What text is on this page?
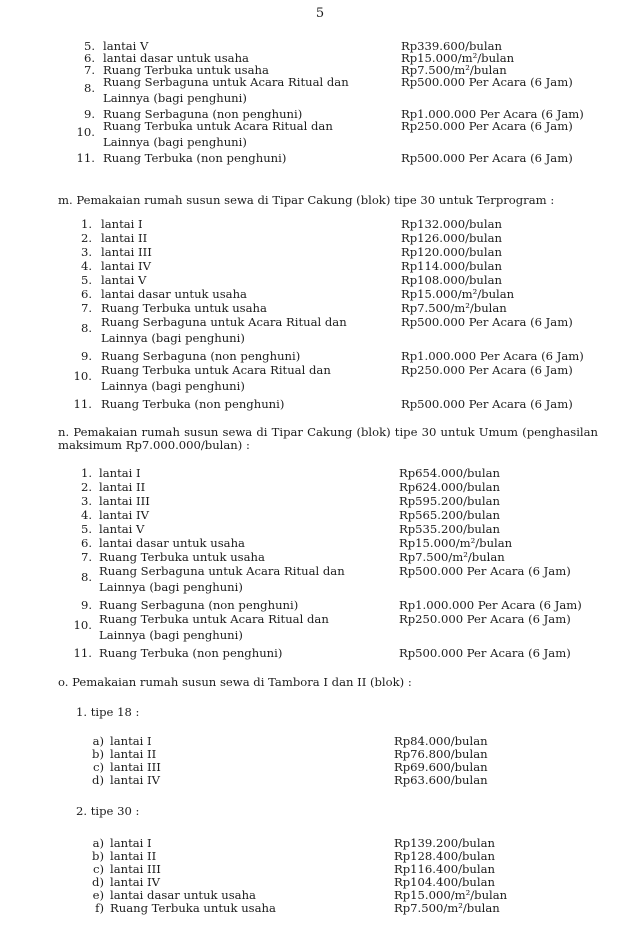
5
5. lantai V	Rp339.600/bulan
6. lantai dasar untuk usaha	Rp15.000/m²/bulan
7. Ruang Terbuka untuk usaha	Rp7.500/m²/bulan
8. Ruang Serbaguna untuk Acara Ritual dan
Lainnya (bagi penghuni)
Rp500.000 Per Acara (6 Jam)
9. Ruang Serbaguna (non penghuni)	Rp1.000.000 Per Acara (6 Jam)
10. Ruang Terbuka untuk Acara Ritual dan
Lainnya (bagi penghuni)
Rp250.000 Per Acara (6 Jam)
11. Ruang Terbuka (non penghuni)	Rp500.000 Per Acara (6 Jam)
m. Pemakaian rumah susun sewa di Tipar Cakung (blok) tipe 30 untuk Terprogram :
1. lantai I	Rp132.000/bulan
2. lantai II	Rp126.000/bulan
3. lantai III	Rp120.000/bulan
4. lantai IV	Rp114.000/bulan
5. lantai V	Rp108.000/bulan
6. lantai dasar untuk usaha	Rp15.000/m²/bulan
7. Ruang Terbuka untuk usaha	Rp7.500/m²/bulan
8. Ruang Serbaguna untuk Acara Ritual dan
Lainnya (bagi penghuni)
Rp500.000 Per Acara (6 Jam)
9. Ruang Serbaguna (non penghuni)	Rp1.000.000 Per Acara (6 Jam)
10. Ruang Terbuka untuk Acara Ritual dan
Lainnya (bagi penghuni)
Rp250.000 Per Acara (6 Jam)
11. Ruang Terbuka (non penghuni)	Rp500.000 Per Acara (6 Jam)
n. Pemakaian rumah susun sewa di Tipar Cakung (blok) tipe 30 untuk Umum (penghasilan maksimum Rp7.000.000/bulan) :
1. lantai I	Rp654.000/bulan
2. lantai II	Rp624.000/bulan
3. lantai III	Rp595.200/bulan
4. lantai IV	Rp565.200/bulan
5. lantai V	Rp535.200/bulan
6. lantai dasar untuk usaha	Rp15.000/m²/bulan
7. Ruang Terbuka untuk usaha	Rp7.500/m²/bulan
8. Ruang Serbaguna untuk Acara Ritual dan
Lainnya (bagi penghuni)
Rp500.000 Per Acara (6 Jam)
9. Ruang Serbaguna (non penghuni)	Rp1.000.000 Per Acara (6 Jam)
10. Ruang Terbuka untuk Acara Ritual dan
Lainnya (bagi penghuni)
Rp250.000 Per Acara (6 Jam)
11. Ruang Terbuka (non penghuni)	Rp500.000 Per Acara (6 Jam)
o. Pemakaian rumah susun sewa di Tambora I dan II (blok) :
1. tipe 18 :
a) lantai I	Rp84.000/bulan
b) lantai II	Rp76.800/bulan
c) lantai III	Rp69.600/bulan
d) lantai IV	Rp63.600/bulan
2. tipe 30 :
a) lantai I	Rp139.200/bulan
b) lantai II	Rp128.400/bulan
c) lantai III	Rp116.400/bulan
d) lantai IV	Rp104.400/bulan
e) lantai dasar untuk usaha	Rp15.000/m²/bulan
f) Ruang Terbuka untuk usaha	Rp7.500/m²/bulan
